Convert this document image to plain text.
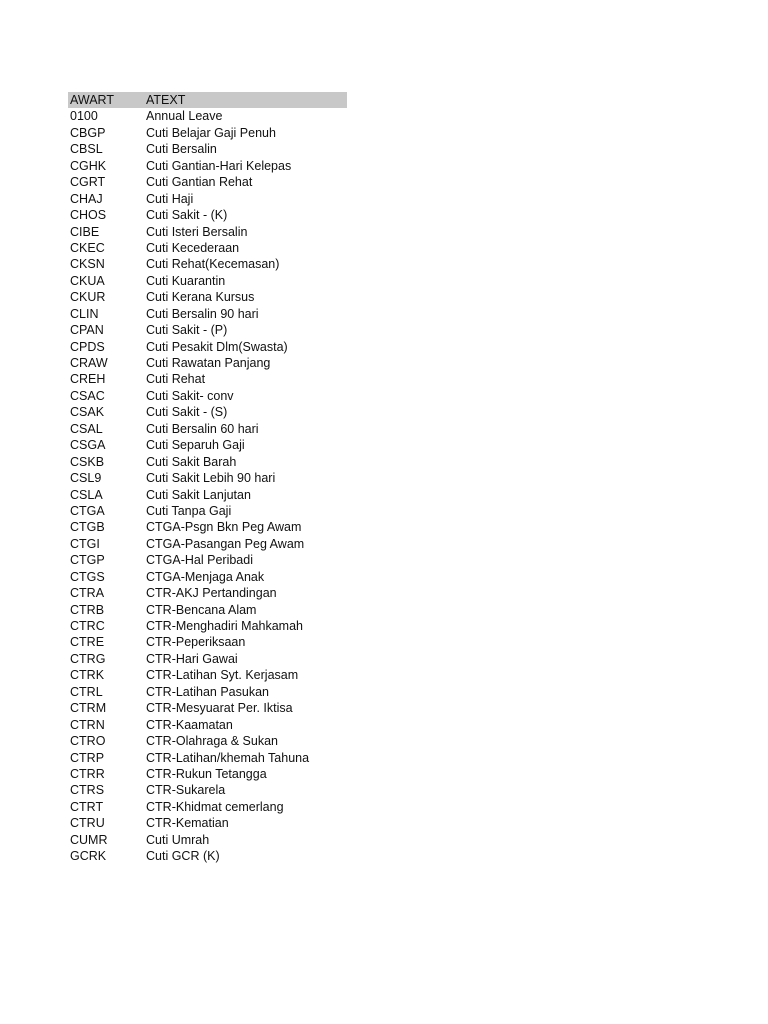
AWART	ATEXT
0100	Annual Leave
CBGP	Cuti Belajar Gaji Penuh
CBSL	Cuti Bersalin
CGHK	Cuti Gantian-Hari Kelepas
CGRT	Cuti Gantian Rehat
CHAJ	Cuti Haji
CHOS	Cuti Sakit - (K)
CIBE	Cuti Isteri Bersalin
CKEC	Cuti Kecederaan
CKSN	Cuti Rehat(Kecemasan)
CKUA	Cuti Kuarantin
CKUR	Cuti Kerana Kursus
CLIN	Cuti Bersalin 90 hari
CPAN	Cuti Sakit - (P)
CPDS	Cuti Pesakit Dlm(Swasta)
CRAW	Cuti Rawatan Panjang
CREH	Cuti Rehat
CSAC	Cuti Sakit- conv
CSAK	Cuti Sakit - (S)
CSAL	Cuti Bersalin 60 hari
CSGA	Cuti Separuh Gaji
CSKB	Cuti Sakit Barah
CSL9	Cuti Sakit Lebih 90 hari
CSLA	Cuti Sakit Lanjutan
CTGA	Cuti Tanpa Gaji
CTGB	CTGA-Psgn Bkn Peg Awam
CTGI	CTGA-Pasangan Peg Awam
CTGP	CTGA-Hal Peribadi
CTGS	CTGA-Menjaga Anak
CTRA	CTR-AKJ Pertandingan
CTRB	CTR-Bencana Alam
CTRC	CTR-Menghadiri Mahkamah
CTRE	CTR-Peperiksaan
CTRG	CTR-Hari Gawai
CTRK	CTR-Latihan Syt. Kerjasam
CTRL	CTR-Latihan Pasukan
CTRM	CTR-Mesyuarat Per. Iktisa
CTRN	CTR-Kaamatan
CTRO	CTR-Olahraga & Sukan
CTRP	CTR-Latihan/khemah Tahuna
CTRR	CTR-Rukun Tetangga
CTRS	CTR-Sukarela
CTRT	CTR-Khidmat cemerlang
CTRU	CTR-Kematian
CUMR	Cuti Umrah
GCRK	Cuti GCR (K)
